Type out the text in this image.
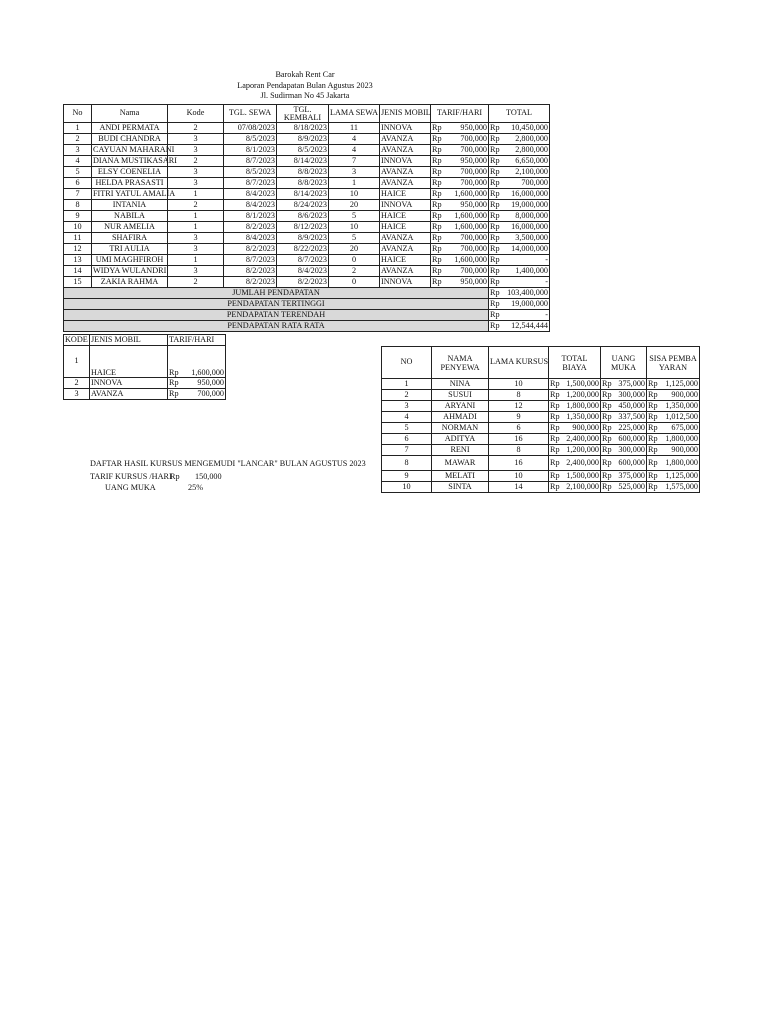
Barokah Rent Car
Laporan Pendapatan Bulan Agustus 2023
Jl. Sudirman No 45 Jakarta
No	Nama	Kode	TGL. SEWA	TGL. KEMBALI	LAMA SEWA	JENIS MOBIL	TARIF/HARI	TOTAL
1	ANDI PERMATA	2	07/08/2023	8/18/2023	11	INNOVA	Rp 950,000	Rp 10,450,000

2	BUDI CHANDRA	3	8/5/2023	8/9/2023	4	AVANZA	Rp 700,000	Rp 2,800,000

3	CAYUAN MAHARANI	3	8/1/2023	8/5/2023	4	AVANZA	Rp 700,000	Rp 2,800,000

4	DIANA MUSTIKASARI	2	8/7/2023	8/14/2023	7	INNOVA	Rp 950,000	Rp 6,650,000

5	ELSY COENELIA	3	8/5/2023	8/8/2023	3	AVANZA	Rp 700,000	Rp 2,100,000

6	HELDA PRASASTI	3	8/7/2023	8/8/2023	1	AVANZA	Rp 700,000	Rp 700,000

7	FITRI YATUL AMALIA	1	8/4/2023	8/14/2023	10	HAICE	Rp 1,600,000	Rp 16,000,000

8	INTANIA	2	8/4/2023	8/24/2023	20	INNOVA	Rp 950,000	Rp 19,000,000

9	NABILA	1	8/1/2023	8/6/2023	5	HAICE	Rp 1,600,000	Rp 8,000,000

10	NUR AMELIA	1	8/2/2023	8/12/2023	10	HAICE	Rp 1,600,000	Rp 16,000,000

11	SHAFIRA	3	8/4/2023	8/9/2023	5	AVANZA	Rp 700,000	Rp 3,500,000

12	TRI AULIA	3	8/2/2023	8/22/2023	20	AVANZA	Rp 700,000	Rp 14,000,000

13	UMI MAGHFIROH	1	8/7/2023	8/7/2023	0	HAICE	Rp 1,600,000	Rp -

14	WIDYA WULANDRI	3	8/2/2023	8/4/2023	2	AVANZA	Rp 700,000	Rp 1,400,000

15	ZAKIA RAHMA	2	8/2/2023	8/2/2023	0	INNOVA	Rp 950,000	Rp -

JUMLAH PENDAPATAN								Rp 103,400,000

PENDAPATAN TERTINGGI								Rp 19,000,000

PENDAPATAN TERENDAH								Rp -

PENDAPATAN RATA RATA								Rp 12,544,444
KODE	JENIS MOBIL	TARIF/HARI
1	HAICE	Rp 1,600,000

2	INNOVA	Rp 950,000

3	AVANZA	Rp 700,000
DAFTAR HASIL KURSUS MENGEMUDI "LANCAR" BULAN AGUSTUS 2023
TARIF KURSUS /HARI
Rp 150,000
UANG MUKA	25%
NO	NAMA PENYEWA	LAMA KURSUS	TOTAL BIAYA	UANG MUKA	SISA PEMBAYARAN
1	NINA	10	Rp 1,500,000	Rp 375,000	Rp 1,125,000

2	SUSUI	8	Rp 1,200,000	Rp 300,000	Rp 900,000

3	ARYANI	12	Rp 1,800,000	Rp 450,000	Rp 1,350,000

4	AHMADI	9	Rp 1,350,000	Rp 337,500	Rp 1,012,500

5	NORMAN	6	Rp 900,000	Rp 225,000	Rp 675,000

6	ADITYA	16	Rp 2,400,000	Rp 600,000	Rp 1,800,000

7	RENI	8	Rp 1,200,000	Rp 300,000	Rp 900,000

8	MAWAR	16	Rp 2,400,000	Rp 600,000	Rp 1,800,000

9	MELATI	10	Rp 1,500,000	Rp 375,000	Rp 1,125,000

10	SINTA	14	Rp 2,100,000	Rp 525,000	Rp 1,575,000
